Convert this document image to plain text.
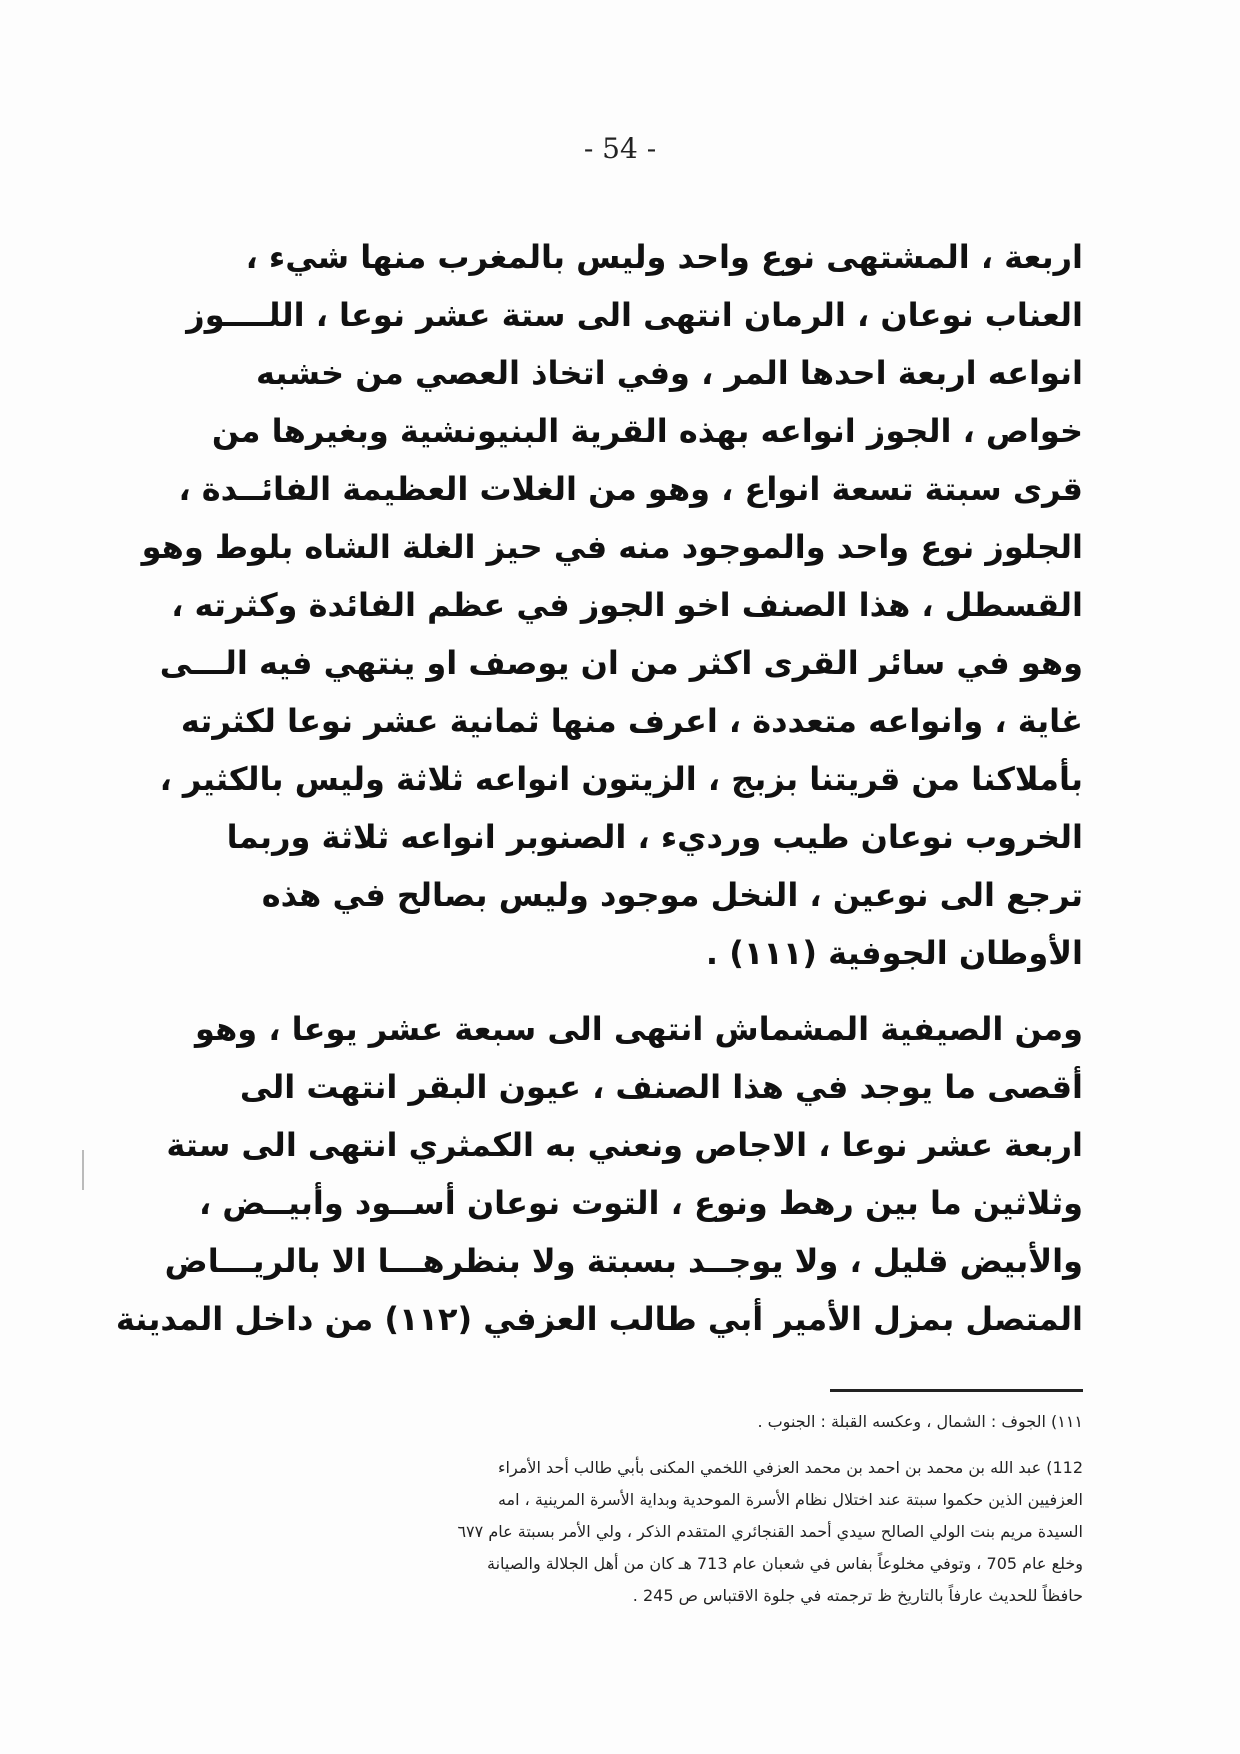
- 54 -
اربعة ، المشتهى نوع واحد وليس بالمغرب منها شيء ،
العناب نوعان ، الرمان انتهى الى ستة عشر نوعا ، اللــــوز
انواعه اربعة احدها المر ، وفي اتخاذ العصي من خشبه
خواص ، الجوز انواعه بهذه القرية البنيونشية وبغيرها من
قرى سبتة تسعة انواع ، وهو من الغلات العظيمة الفائــدة ،
الجلوز نوع واحد والموجود منه في حيز الغلة الشاه بلوط وهو
القسطل ، هذا الصنف اخو الجوز في عظم الفائدة وكثرته ،
وهو في سائر القرى اكثر من ان يوصف او ينتهي فيه الـــى
غاية ، وانواعه متعددة ، اعرف منها ثمانية عشر نوعا لكثرته
بأملاكنا من قريتنا بزبج ، الزيتون انواعه ثلاثة وليس بالكثير ،
الخروب نوعان طيب ورديء ، الصنوبر انواعه ثلاثة وربما
ترجع الى نوعين ، النخل موجود وليس بصالح في هذه
الأوطان الجوفية (١١١) .
ومن الصيفية المشماش انتهى الى سبعة عشر يوعا ، وهو
أقصى ما يوجد في هذا الصنف ، عيون البقر انتهت الى
اربعة عشر نوعا ، الاجاص ونعني به الكمثري انتهى الى ستة
وثلاثين ما بين رهط ونوع ، التوت نوعان أســود وأبيــض ،
والأبيض قليل ، ولا يوجــد بسبتة ولا بنظرهـــا الا بالريـــاض
المتصل بمزل الأمير أبي طالب العزفي (١١٢) من داخل المدينة
١١١) الجوف : الشمال ، وعكسه القبلة : الجنوب .
112) عبد الله بن محمد بن احمد بن محمد العزفي اللخمي المكنى بأبي طالب أحد الأمراء
العزفيين الذين حكموا سبتة عند اختلال نظام الأسرة الموحدية وبداية الأسرة المرينية ، امه
السيدة مريم بنت الولي الصالح سيدي أحمد القنجائري المتقدم الذكر ، ولي الأمر بسبتة عام ٦٧٧
وخلع عام 705 ، وتوفي مخلوعاً بفاس في شعبان عام 713 هـ كان من أهل الجلالة والصيانة
حافظاً للحديث عارفاً بالتاريخ ظ ترجمته في جلوة الاقتباس ص 245 .
